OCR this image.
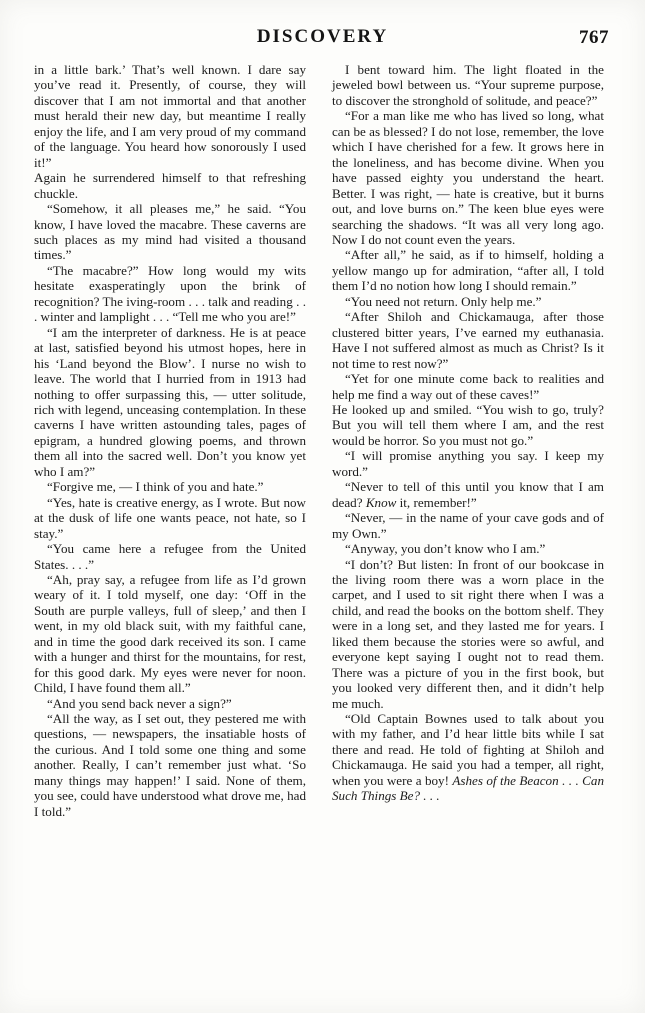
DISCOVERY	767

in a little bark.’ That’s well known. I dare say you’ve read it. Presently, of course, they will discover that I am not immortal and that another must herald their new day, but meantime I really enjoy the life, and I am very proud of my command of the language. You heard how sonorously I used it!”

Again he surrendered himself to that refreshing chuckle.

“Somehow, it all pleases me,” he said. “You know, I have loved the macabre. These caverns are such places as my mind had visited a thousand times.”

“The macabre?” How long would my wits hesitate exasperatingly upon the brink of recognition? The iving-room . . . talk and reading . . . winter and lamplight . . . “Tell me who you are!”

“I am the interpreter of darkness. He is at peace at last, satisfied beyond his utmost hopes, here in his ‘Land beyond the Blow’. I nurse no wish to leave. The world that I hurried from in 1913 had nothing to offer surpassing this, — utter solitude, rich with legend, unceasing contemplation. In these caverns I have written astounding tales, pages of epigram, a hundred glowing poems, and thrown them all into the sacred well. Don’t you know yet who I am?”

“Forgive me, — I think of you and hate.”

“Yes, hate is creative energy, as I wrote. But now at the dusk of life one wants peace, not hate, so I stay.”

“You came here a refugee from the United States. . . .”

“Ah, pray say, a refugee from life as I’d grown weary of it. I told myself, one day: ‘Off in the South are purple valleys, full of sleep,’ and then I went, in my old black suit, with my faithful cane, and in time the good dark received its son. I came with a hunger and thirst for the mountains, for rest, for this good dark. My eyes were never for noon. Child, I have found them all.”

“And you send back never a sign?”

“All the way, as I set out, they pestered me with questions, — newspapers, the insatiable hosts of the curious. And I told some one thing and some another. Really, I can’t remember just what. ‘So many things may happen!’ I said. None of them, you see, could have understood what drove me, had I told.”

I bent toward him. The light floated in the jeweled bowl between us. “Your supreme purpose, to discover the stronghold of solitude, and peace?”

“For a man like me who has lived so long, what can be as blessed? I do not lose, remember, the love which I have cherished for a few. It grows here in the loneliness, and has become divine. When you have passed eighty you understand the heart. Better. I was right, — hate is creative, but it burns out, and love burns on.” The keen blue eyes were searching the shadows. “It was all very long ago. Now I do not count even the years.

“After all,” he said, as if to himself, holding a yellow mango up for admiration, “after all, I told them I’d no notion how long I should remain.”

“You need not return. Only help me.”

“After Shiloh and Chickamauga, after those clustered bitter years, I’ve earned my euthanasia. Have I not suffered almost as much as Christ? Is it not time to rest now?”

“Yet for one minute come back to realities and help me find a way out of these caves!”

He looked up and smiled. “You wish to go, truly? But you will tell them where I am, and the rest would be horror. So you must not go.”

“I will promise anything you say. I keep my word.”

“Never to tell of this until you know that I am dead? Know it, remember!”

“Never, — in the name of your cave gods and of my Own.”

“Anyway, you don’t know who I am.”

“I don’t? But listen: In front of our bookcase in the living room there was a worn place in the carpet, and I used to sit right there when I was a child, and read the books on the bottom shelf. They were in a long set, and they lasted me for years. I liked them because the stories were so awful, and everyone kept saying I ought not to read them. There was a picture of you in the first book, but you looked very different then, and it didn’t help me much.

“Old Captain Bownes used to talk about you with my father, and I’d hear little bits while I sat there and read. He told of fighting at Shiloh and Chickamauga. He said you had a temper, all right, when you were a boy! Ashes of the Beacon . . . Can Such Things Be? . . .
